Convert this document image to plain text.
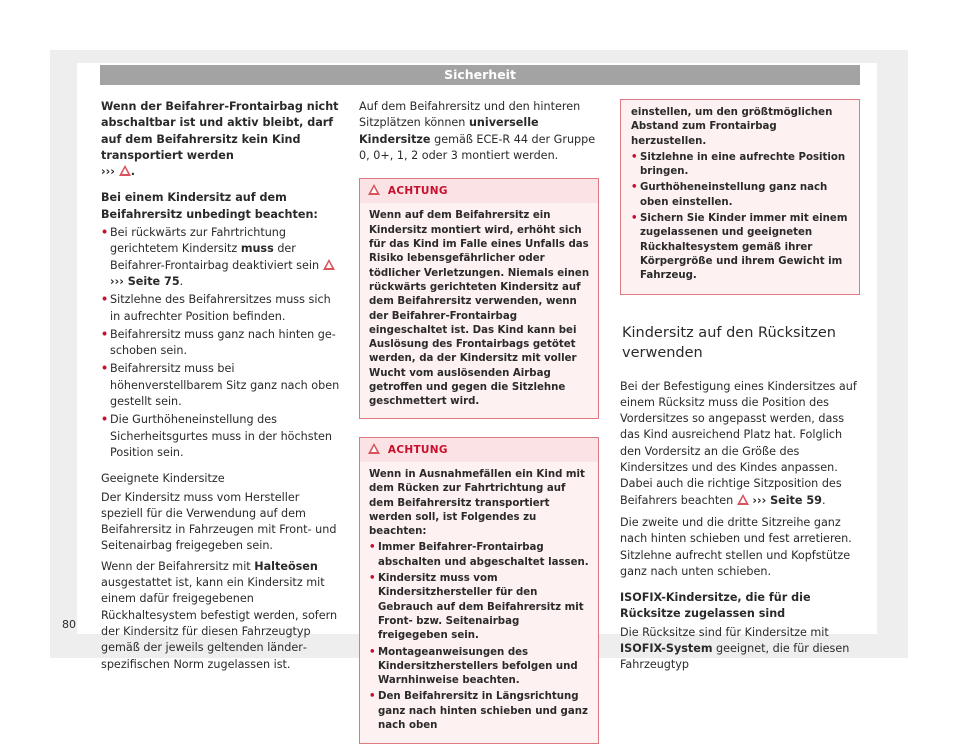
Sicherheit

Wenn der Beifahrer-Frontairbag nicht abschaltbar ist und aktiv bleibt, darf auf dem Beifahrersitz kein Kind transportiert werden
››› .

Bei einem Kindersitz auf dem Beifahrersitz unbedingt beachten:

• Bei rückwärts zur Fahrtrichtung gerichtetem Kindersitz muss der Beifahrer-Frontairbag deaktiviert sein  ››› Seite 75.
• Sitzlehne des Beifahrersitzes muss sich in aufrechter Position befinden.
• Beifahrersitz muss ganz nach hinten geschoben sein.
• Beifahrersitz muss bei höhenverstellbarem Sitz ganz nach oben gestellt sein.
• Die Gurthöheneinstellung des Sicherheitsgurtes muss in der höchsten Position sein.

Geeignete Kindersitze

Der Kindersitz muss vom Hersteller speziell für die Verwendung auf dem Beifahrersitz in Fahrzeugen mit Front- und Seitenairbag freigegeben sein.

Wenn der Beifahrersitz mit Halteösen ausgestattet ist, kann ein Kindersitz mit einem dafür freigegebenen Rückhaltesystem befestigt werden, sofern der Kindersitz für diesen Fahrzeugtyp gemäß der jeweils geltenden länderspezifischen Norm zugelassen ist.

Auf dem Beifahrersitz und den hinteren Sitzplätzen können universelle Kindersitze gemäß ECE-R 44 der Gruppe 0, 0+, 1, 2 oder 3 montiert werden.

ACHTUNG
Wenn auf dem Beifahrersitz ein Kindersitz montiert wird, erhöht sich für das Kind im Falle eines Unfalls das Risiko lebensgefährlicher oder tödlicher Verletzungen. Niemals einen rückwärts gerichteten Kindersitz auf dem Beifahrersitz verwenden, wenn der Beifahrer-Frontairbag eingeschaltet ist. Das Kind kann bei Auslösung des Frontairbags getötet werden, da der Kindersitz mit voller Wucht vom auslösenden Airbag getroffen und gegen die Sitzlehne geschmettert wird.
ACHTUNG
Wenn in Ausnahmefällen ein Kind mit dem Rücken zur Fahrtrichtung auf dem Beifahrersitz transportiert werden soll, ist Folgendes zu beachten:
• Immer Beifahrer-Frontairbag abschalten und abgeschaltet lassen.
• Kindersitz muss vom Kindersitzhersteller für den Gebrauch auf dem Beifahrersitz mit Front- bzw. Seitenairbag freigegeben sein.
• Montageanweisungen des Kindersitzherstellers befolgen und Warnhinweise beachten.
• Den Beifahrersitz in Längsrichtung ganz nach hinten schieben und ganz nach oben
einstellen, um den größtmöglichen Abstand zum Frontairbag herzustellen.
• Sitzlehne in eine aufrechte Position bringen.
• Gurthöheneinstellung ganz nach oben einstellen.
• Sichern Sie Kinder immer mit einem zugelassenen und geeigneten Rückhaltesystem gemäß ihrer Körpergröße und ihrem Gewicht im Fahrzeug.
Kindersitz auf den Rücksitzen verwenden

Bei der Befestigung eines Kindersitzes auf einem Rücksitz muss die Position des Vordersitzes so angepasst werden, dass das Kind ausreichend Platz hat. Folglich den Vordersitz an die Größe des Kindersitzes und des Kindes anpassen. Dabei auch die richtige Sitzposition des Beifahrers beachten  ››› Seite 59.

Die zweite und die dritte Sitzreihe ganz nach hinten schieben und fest arretieren. Sitzlehne aufrecht stellen und Kopfstütze ganz nach unten schieben.

ISOFIX-Kindersitze, die für die Rücksitze zugelassen sind

Die Rücksitze sind für Kindersitze mit ISOFIX-System geeignet, die für diesen Fahrzeugtyp

80
